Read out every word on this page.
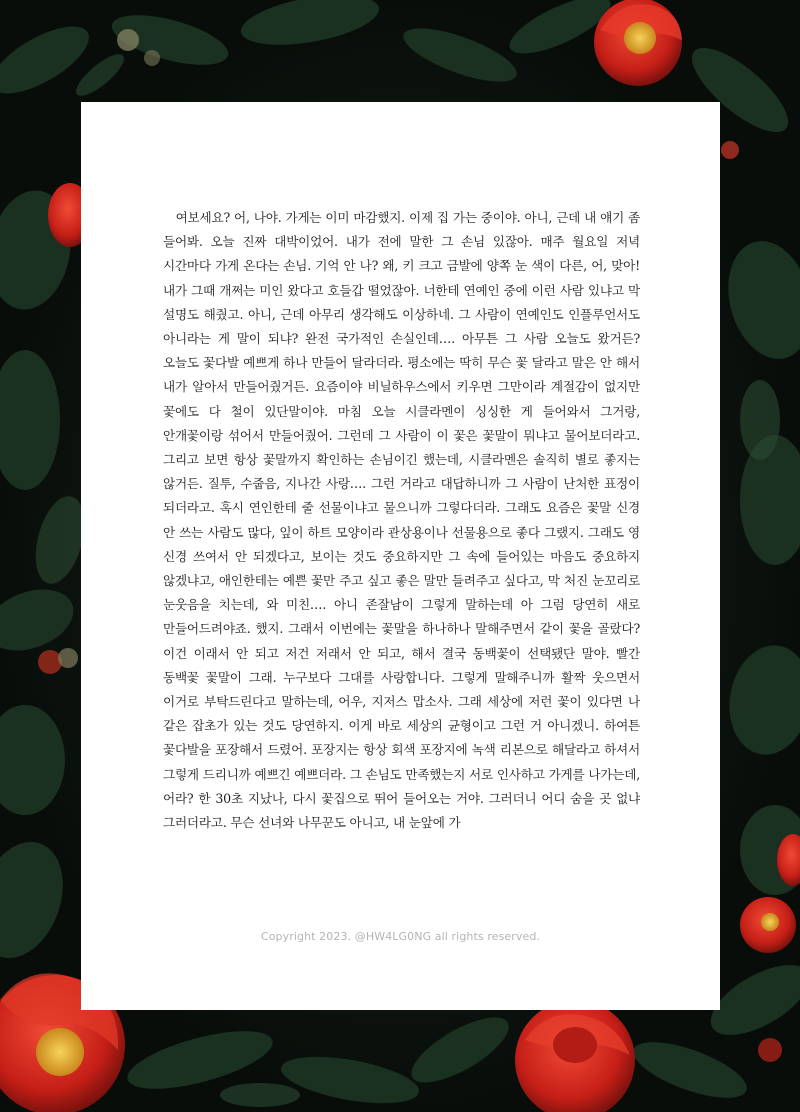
여보세요? 어, 나야. 가게는 이미 마감했지. 이제 집 가는 중이야. 아니, 근데 내 얘기 좀 들어봐. 오늘 진짜 대박이었어. 내가 전에 말한 그 손님 있잖아. 매주 월요일 저녁 시간마다 가게 온다는 손님. 기억 안 나? 왜, 키 크고 금발에 양쪽 눈 색이 다른, 어, 맞아! 내가 그때 개쩌는 미인 왔다고 호들갑 떨었잖아. 너한테 연예인 중에 이런 사람 있냐고 막 설명도 해줬고. 아니, 근데 아무리 생각해도 이상하네. 그 사람이 연예인도 인플루언서도 아니라는 게 말이 되냐? 완전 국가적인 손실인데…. 아무튼 그 사람 오늘도 왔거든? 오늘도 꽃다발 예쁘게 하나 만들어 달라더라. 평소에는 딱히 무슨 꽃 달라고 말은 안 해서 내가 알아서 만들어줬거든. 요즘이야 비닐하우스에서 키우면 그만이라 계절감이 없지만 꽃에도 다 철이 있단말이야. 마침 오늘 시클라멘이 싱싱한 게 들어와서 그거랑, 안개꽃이랑 섞어서 만들어줬어. 그런데 그 사람이 이 꽃은 꽃말이 뭐냐고 물어보더라고. 그리고 보면 항상 꽃말까지 확인하는 손님이긴 했는데, 시클라멘은 솔직히 별로 좋지는 않거든. 질투, 수줍음, 지나간 사랑…. 그런 거라고 대답하니까 그 사람이 난처한 표정이 되더라고. 혹시 연인한테 줄 선물이냐고 물으니까 그렇다더라. 그래도 요즘은 꽃말 신경 안 쓰는 사람도 많다, 잎이 하트 모양이라 관상용이나 선물용으로 좋다 그랬지. 그래도 영 신경 쓰여서 안 되겠다고, 보이는 것도 중요하지만 그 속에 들어있는 마음도 중요하지 않겠냐고, 애인한테는 예쁜 꽃만 주고 싶고 좋은 말만 들려주고 싶다고, 막 처진 눈꼬리로 눈웃음을 치는데, 와 미친…. 아니 존잘남이 그렇게 말하는데 아 그럼 당연히 새로 만들어드려야죠. 했지. 그래서 이번에는 꽃말을 하나하나 말해주면서 같이 꽃을 골랐다? 이건 이래서 안 되고 저건 저래서 안 되고, 해서 결국 동백꽃이 선택됐단 말야. 빨간 동백꽃 꽃말이 그래. 누구보다 그대를 사랑합니다. 그렇게 말해주니까 활짝 웃으면서 이거로 부탁드린다고 말하는데, 어우, 지저스 맙소사. 그래 세상에 저런 꽃이 있다면 나 같은 잡초가 있는 것도 당연하지. 이게 바로 세상의 균형이고 그런 거 아니겠니. 하여튼 꽃다발을 포장해서 드렸어. 포장지는 항상 회색 포장지에 녹색 리본으로 해달라고 하셔서 그렇게 드리니까 예쁘긴 예쁘더라. 그 손님도 만족했는지 서로 인사하고 가게를 나가는데, 어라? 한 30초 지났나, 다시 꽃집으로 뛰어 들어오는 거야. 그러더니 어디 숨을 곳 없냐 그러더라고. 무슨 선녀와 나무꾼도 아니고, 내 눈앞에 가

Copyright 2023. @HW4LG0NG all rights reserved.
